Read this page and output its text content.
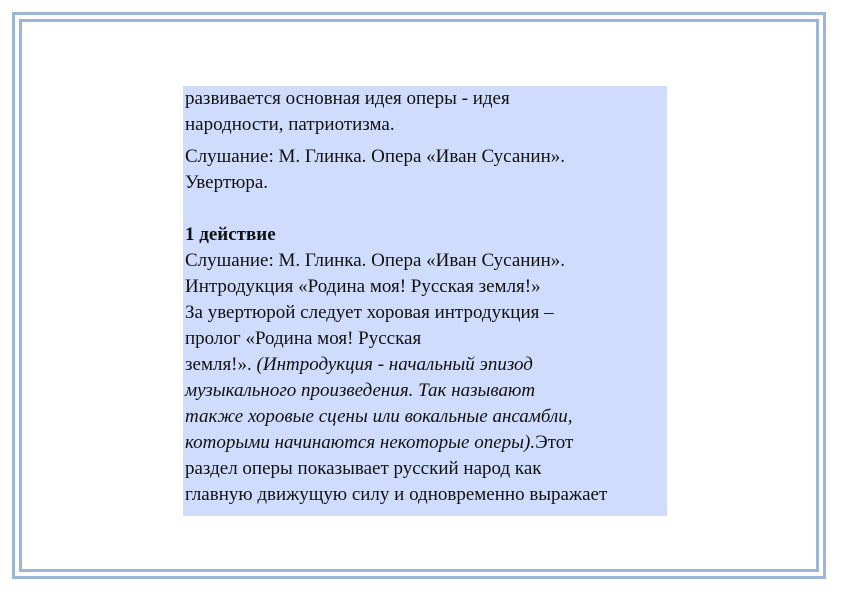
развивается основная идея оперы - идея
народности, патриотизма.

Слушание: М. Глинка. Опера «Иван Сусанин».
Увертюра.

1 действие

Слушание: М. Глинка. Опера «Иван Сусанин».
Интродукция «Родина моя! Русская земля!»

За увертюрой следует хоровая интродукция –
пролог «Родина моя! Русская
земля!». (Интродукция - начальный эпизод
музыкального произведения. Так называют
также хоровые сцены или вокальные ансамбли,
которыми начинаются некоторые оперы).Этот
раздел оперы показывает русский народ как
главную движущую силу и одновременно выражает
